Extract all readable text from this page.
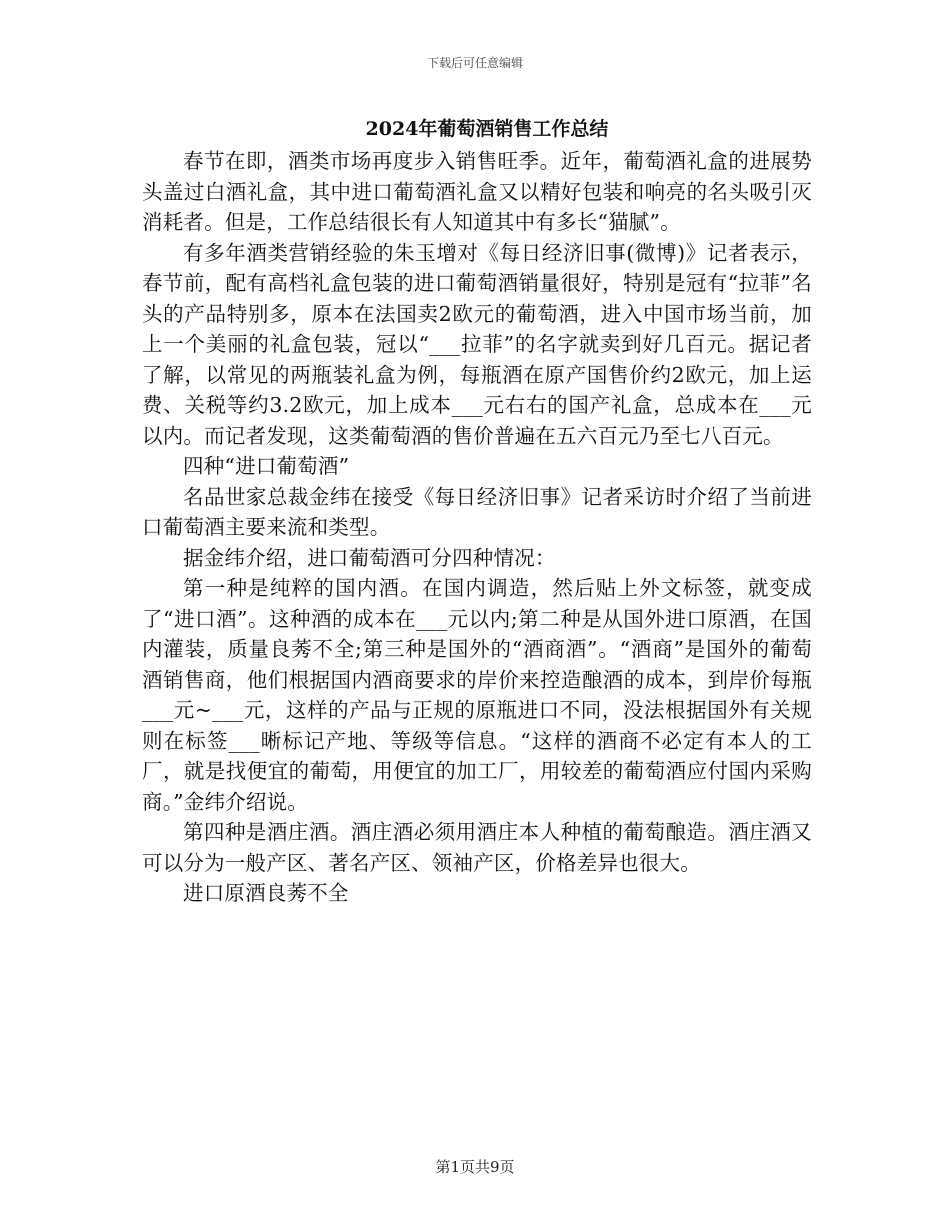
下载后可任意编辑
2024年葡萄酒销售工作总结

春节在即，酒类市场再度步入销售旺季。近年，葡萄酒礼盒的进展势头盖过白酒礼盒，其中进口葡萄酒礼盒又以精好包装和响亮的名头吸引灭消耗者。但是，工作总结很长有人知道其中有多长“猫腻”。

有多年酒类营销经验的朱玉增对《每日经济旧事(微博)》记者表示，春节前，配有高档礼盒包装的进口葡萄酒销量很好，特别是冠有“拉菲”名头的产品特别多，原本在法国卖2欧元的葡萄酒，进入中国市场当前，加上一个美丽的礼盒包装，冠以“___拉菲”的名字就卖到好几百元。据记者了解，以常见的两瓶装礼盒为例，每瓶酒在原产国售价约2欧元，加上运费、关税等约3.2欧元，加上成本___元右右的国产礼盒，总成本在___元以内。而记者发现，这类葡萄酒的售价普遍在五六百元乃至七八百元。

四种“进口葡萄酒”

名品世家总裁金纬在接受《每日经济旧事》记者采访时介绍了当前进口葡萄酒主要来流和类型。

据金纬介绍，进口葡萄酒可分四种情况：

第一种是纯粹的国内酒。在国内调造，然后贴上外文标签，就变成了“进口酒”。这种酒的成本在___元以内;第二种是从国外进口原酒，在国内灌装，质量良莠不全;第三种是国外的“酒商酒”。“酒商”是国外的葡萄酒销售商，他们根据国内酒商要求的岸价来控造酿酒的成本，到岸价每瓶___元~___元，这样的产品与正规的原瓶进口不同，没法根据国外有关规则在标签___晰标记产地、等级等信息。“这样的酒商不必定有本人的工厂，就是找便宜的葡萄，用便宜的加工厂，用较差的葡萄酒应付国内采购商。”金纬介绍说。

第四种是酒庄酒。酒庄酒必须用酒庄本人种植的葡萄酿造。酒庄酒又可以分为一般产区、著名产区、领袖产区，价格差异也很大。

进口原酒良莠不全

第1页共9页
